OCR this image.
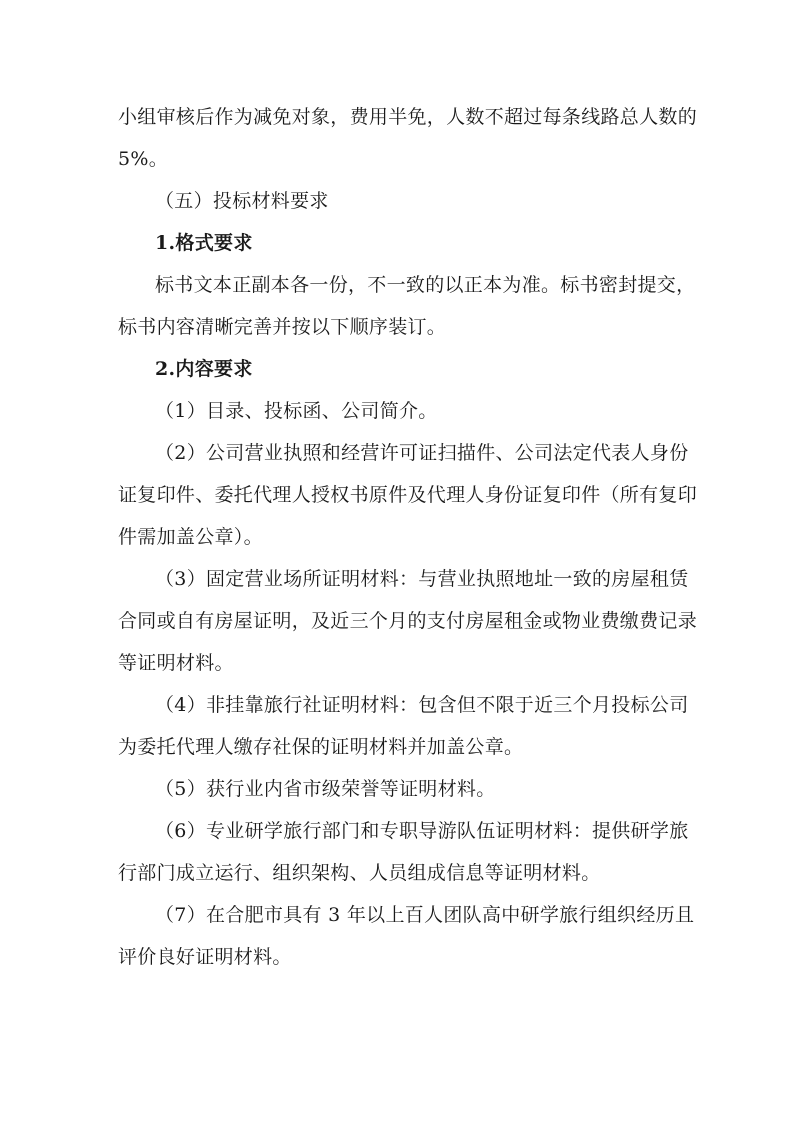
小组审核后作为减免对象，费用半免，人数不超过每条线路总人数的
5%。
（五）投标材料要求
1.格式要求
标书文本正副本各一份，不一致的以正本为准。标书密封提交，
标书内容清晰完善并按以下顺序装订。
2.内容要求
（1）目录、投标函、公司简介。
（2）公司营业执照和经营许可证扫描件、公司法定代表人身份
证复印件、委托代理人授权书原件及代理人身份证复印件（所有复印
件需加盖公章）。
（3）固定营业场所证明材料：与营业执照地址一致的房屋租赁
合同或自有房屋证明，及近三个月的支付房屋租金或物业费缴费记录
等证明材料。
（4）非挂靠旅行社证明材料：包含但不限于近三个月投标公司
为委托代理人缴存社保的证明材料并加盖公章。
（5）获行业内省市级荣誉等证明材料。
（6）专业研学旅行部门和专职导游队伍证明材料：提供研学旅
行部门成立运行、组织架构、人员组成信息等证明材料。
（7）在合肥市具有 3 年以上百人团队高中研学旅行组织经历且
评价良好证明材料。
